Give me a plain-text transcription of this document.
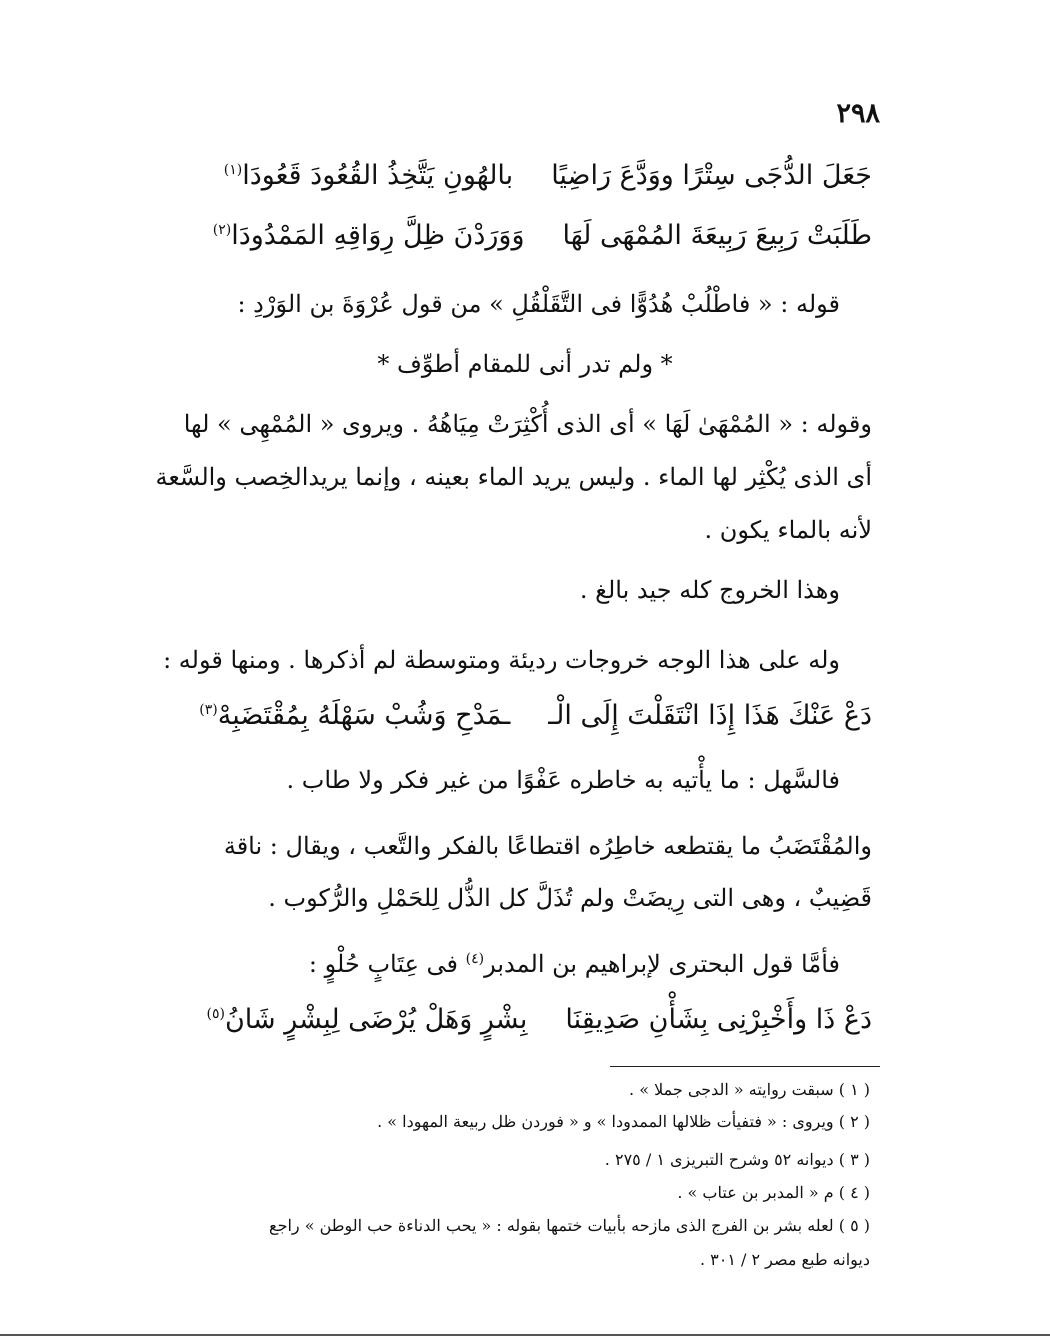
٢٩٨
جَعَلَ الدُّجَى سِتْرًا ووَدَّعَ رَاضِيًابالهُونِ يَتَّخِذُ القُعُودَ قَعُودَا$^{(١)}$
طَلَبَتْ رَبِيعَ رَبِيعَةَ المُمْهَى لَهَاوَوَرَدْنَ ظِلَّ رِوَاقِهِ المَمْدُودَا$^{(٢)}$
قوله : « فاطْلُبْ هُدُوًّا فى التَّقَلْقُلِ » من قول عُرْوَةَ بن الوَرْدِ :
* ولم تدر أنى للمقام أطوِّف *
وقوله : « المُمْهَىٰ لَهَا » أى الذى أُكْثِرَتْ مِيَاهُهُ . ويروى « المُمْهِى » لها
أى الذى يُكْثِر لها الماء . وليس يريد الماء بعينه ، وإنما يريدالخِصب والسَّعة
لأنه بالماء يكون .
وهذا الخروج كله جيد بالغ .
وله على هذا الوجه خروجات رديئة ومتوسطة لم أذكرها . ومنها قوله :
دَعْ عَنْكَ هَذَا إِذَا انْتَقَلْتَ إِلَى الْــمَدْحِ وَشُبْ سَهْلَهُ بِمُقْتَضَبِهْ$^{(٣)}$
فالسَّهل : ما يأْتيه به خاطره عَفْوًا من غير فكر ولا طاب .
والمُقْتَضَبُ ما يقتطعه خاطِرُه اقتطاعًا بالفكر والتَّعب ، ويقال : ناقة
قَضِيبٌ ، وهى التى رِيضَتْ ولم تُذَلَّ كل الذُّل لِلحَمْلِ والرُّكوب .
فأمَّا قول البحترى لإبراهيم بن المدبر$^{(٤)}$ فى عِتَابٍ حُلْوٍ :
دَعْ ذَا وأَخْبِرْنِى بِشَأْنِ صَدِيقِنَابِشْرٍ وَهَلْ يُرْضَى لِبِشْرٍ شَانُ$^{(٥)}$
( ١ ) سبقت روايته « الدجى جملا » .
( ٢ ) ويروى : « فتفيأت ظلالها الممدودا » و « فوردن ظل ربيعة المهودا » .
( ٣ ) ديوانه ٥٢ وشرح التبريزى ١ / ٢٧٥ .
( ٤ ) م « المدبر بن عتاب » .
( ٥ ) لعله بشر بن الفرج الذى مازحه بأبيات ختمها بقوله : « يحب الدناءة حب الوطن » راجع
ديوانه طبع مصر ٢ / ٣٠١ .
